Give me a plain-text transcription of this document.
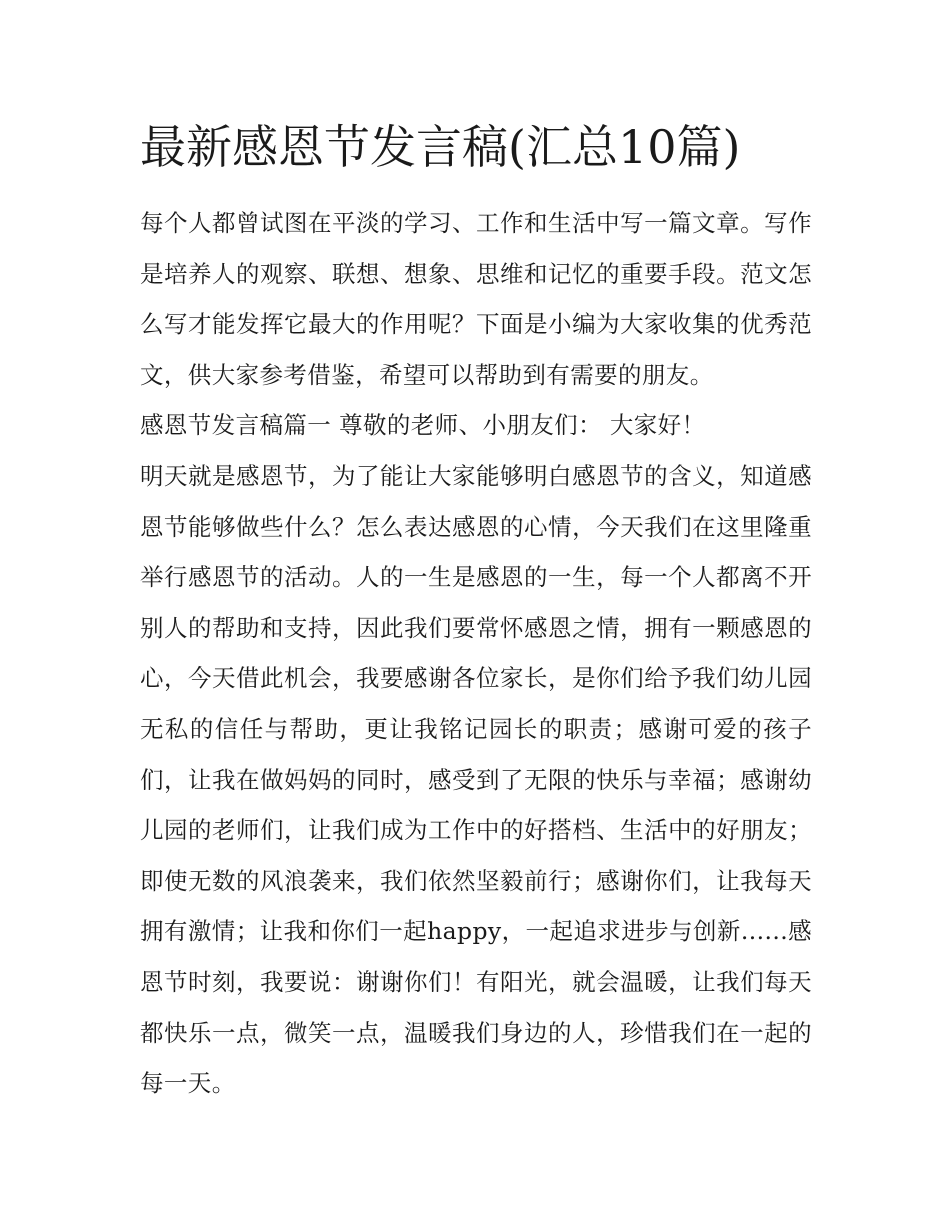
最新感恩节发言稿(汇总10篇)

每个人都曾试图在平淡的学习、工作和生活中写一篇文章。写作是培养人的观察、联想、想象、思维和记忆的重要手段。范文怎么写才能发挥它最大的作用呢？下面是小编为大家收集的优秀范文，供大家参考借鉴，希望可以帮助到有需要的朋友。

感恩节发言稿篇一 尊敬的老师、小朋友们： 大家好！

明天就是感恩节，为了能让大家能够明白感恩节的含义，知道感恩节能够做些什么？怎么表达感恩的心情，今天我们在这里隆重举行感恩节的活动。人的一生是感恩的一生，每一个人都离不开别人的帮助和支持，因此我们要常怀感恩之情，拥有一颗感恩的心，今天借此机会，我要感谢各位家长，是你们给予我们幼儿园无私的信任与帮助，更让我铭记园长的职责；感谢可爱的孩子们，让我在做妈妈的同时，感受到了无限的快乐与幸福；感谢幼儿园的老师们，让我们成为工作中的好搭档、生活中的好朋友；即使无数的风浪袭来，我们依然坚毅前行；感谢你们，让我每天拥有激情；让我和你们一起happy，一起追求进步与创新......感恩节时刻，我要说：谢谢你们！有阳光，就会温暖，让我们每天都快乐一点，微笑一点，温暖我们身边的人，珍惜我们在一起的每一天。
